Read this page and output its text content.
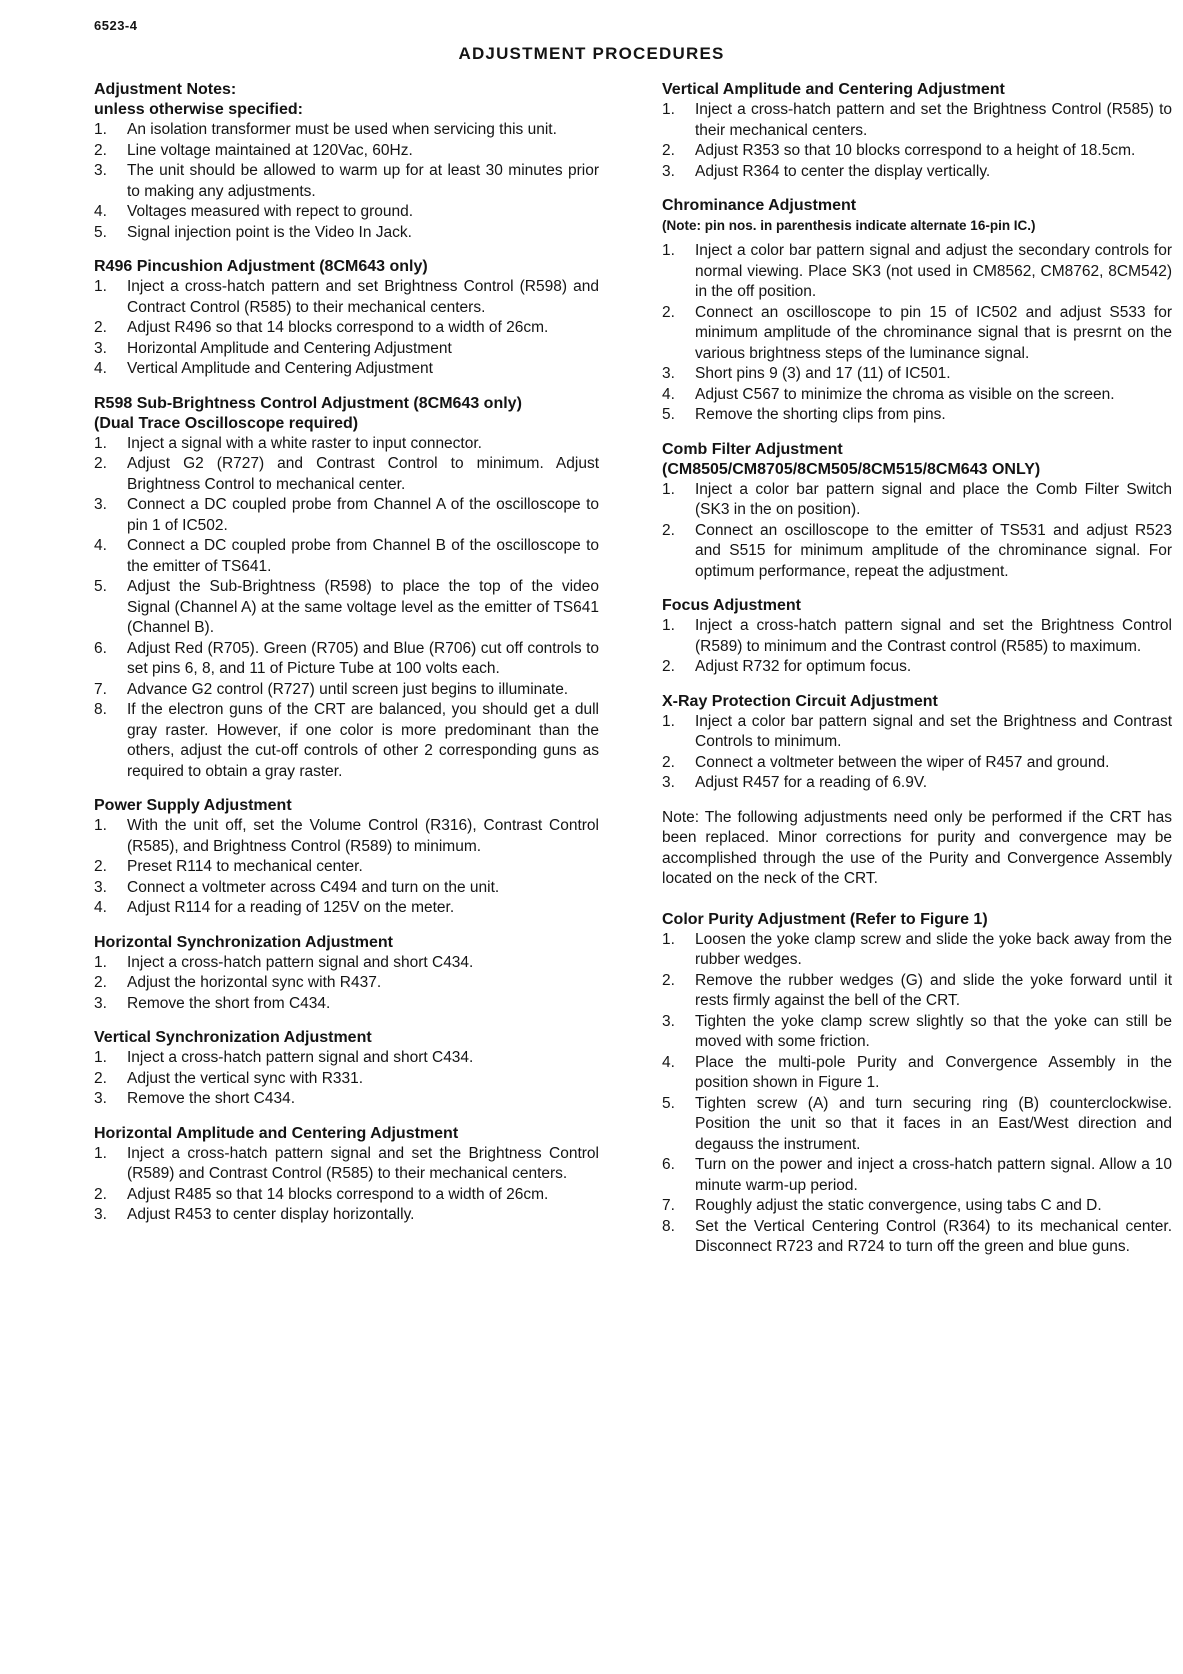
6523-4
ADJUSTMENT PROCEDURES
Adjustment Notes:
unless otherwise specified:
1. An isolation transformer must be used when servicing this unit.
2. Line voltage maintained at 120Vac, 60Hz.
3. The unit should be allowed to warm up for at least 30 minutes prior to making any adjustments.
4. Voltages measured with repect to ground.
5. Signal injection point is the Video In Jack.
R496 Pincushion Adjustment (8CM643 only)
1. Inject a cross-hatch pattern and set Brightness Control (R598) and Contract Control (R585) to their mechanical centers.
2. Adjust R496 so that 14 blocks correspond to a width of 26cm.
3. Horizontal Amplitude and Centering Adjustment
4. Vertical Amplitude and Centering Adjustment
R598 Sub-Brightness Control Adjustment (8CM643 only)
(Dual Trace Oscilloscope required)
1. Inject a signal with a white raster to input connector.
2. Adjust G2 (R727) and Contrast Control to minimum. Adjust Brightness Control to mechanical center.
3. Connect a DC coupled probe from Channel A of the oscilloscope to pin 1 of IC502.
4. Connect a DC coupled probe from Channel B of the oscilloscope to the emitter of TS641.
5. Adjust the Sub-Brightness (R598) to place the top of the video Signal (Channel A) at the same voltage level as the emitter of TS641 (Channel B).
6. Adjust Red (R705). Green (R705) and Blue (R706) cut off controls to set pins 6, 8, and 11 of Picture Tube at 100 volts each.
7. Advance G2 control (R727) until screen just begins to illuminate.
8. If the electron guns of the CRT are balanced, you should get a dull gray raster. However, if one color is more predominant than the others, adjust the cut-off controls of other 2 corresponding guns as required to obtain a gray raster.
Power Supply Adjustment
1. With the unit off, set the Volume Control (R316), Contrast Control (R585), and Brightness Control (R589) to minimum.
2. Preset R114 to mechanical center.
3. Connect a voltmeter across C494 and turn on the unit.
4. Adjust R114 for a reading of 125V on the meter.
Horizontal Synchronization Adjustment
1. Inject a cross-hatch pattern signal and short C434.
2. Adjust the horizontal sync with R437.
3. Remove the short from C434.
Vertical Synchronization Adjustment
1. Inject a cross-hatch pattern signal and short C434.
2. Adjust the vertical sync with R331.
3. Remove the short C434.
Horizontal Amplitude and Centering Adjustment
1. Inject a cross-hatch pattern signal and set the Brightness Control (R589) and Contrast Control (R585) to their mechanical centers.
2. Adjust R485 so that 14 blocks correspond to a width of 26cm.
3. Adjust R453 to center display horizontally.
Vertical Amplitude and Centering Adjustment
1. Inject a cross-hatch pattern and set the Brightness Control (R585) to their mechanical centers.
2. Adjust R353 so that 10 blocks correspond to a height of 18.5cm.
3. Adjust R364 to center the display vertically.
Chrominance Adjustment

(Note: pin nos. in parenthesis indicate alternate 16-pin IC.)

1. Inject a color bar pattern signal and adjust the secondary controls for normal viewing. Place SK3 (not used in CM8562, CM8762, 8CM542) in the off position.
2. Connect an oscilloscope to pin 15 of IC502 and adjust S533 for minimum amplitude of the chrominance signal that is presrnt on the various brightness steps of the luminance signal.
3. Short pins 9 (3) and 17 (11) of IC501.
4. Adjust C567 to minimize the chroma as visible on the screen.
5. Remove the shorting clips from pins.
Comb Filter Adjustment (CM8505/CM8705/8CM505/8CM515/8CM643 ONLY)
1. Inject a color bar pattern signal and place the Comb Filter Switch (SK3 in the on position).
2. Connect an oscilloscope to the emitter of TS531 and adjust R523 and S515 for minimum amplitude of the chrominance signal. For optimum performance, repeat the adjustment.
Focus Adjustment
1. Inject a cross-hatch pattern signal and set the Brightness Control (R589) to minimum and the Contrast control (R585) to maximum.
2. Adjust R732 for optimum focus.
X-Ray Protection Circuit Adjustment
1. Inject a color bar pattern signal and set the Brightness and Contrast Controls to minimum.
2. Connect a voltmeter between the wiper of R457 and ground.
3. Adjust R457 for a reading of 6.9V.

Note: The following adjustments need only be performed if the CRT has been replaced. Minor corrections for purity and convergence may be accomplished through the use of the Purity and Convergence Assembly located on the neck of the CRT.

Color Purity Adjustment (Refer to Figure 1)
1. Loosen the yoke clamp screw and slide the yoke back away from the rubber wedges.
2. Remove the rubber wedges (G) and slide the yoke forward until it rests firmly against the bell of the CRT.
3. Tighten the yoke clamp screw slightly so that the yoke can still be moved with some friction.
4. Place the multi-pole Purity and Convergence Assembly in the position shown in Figure 1.
5. Tighten screw (A) and turn securing ring (B) counterclockwise. Position the unit so that it faces in an East/West direction and degauss the instrument.
6. Turn on the power and inject a cross-hatch pattern signal. Allow a 10 minute warm-up period.
7. Roughly adjust the static convergence, using tabs C and D.
8. Set the Vertical Centering Control (R364) to its mechanical center. Disconnect R723 and R724 to turn off the green and blue guns.
